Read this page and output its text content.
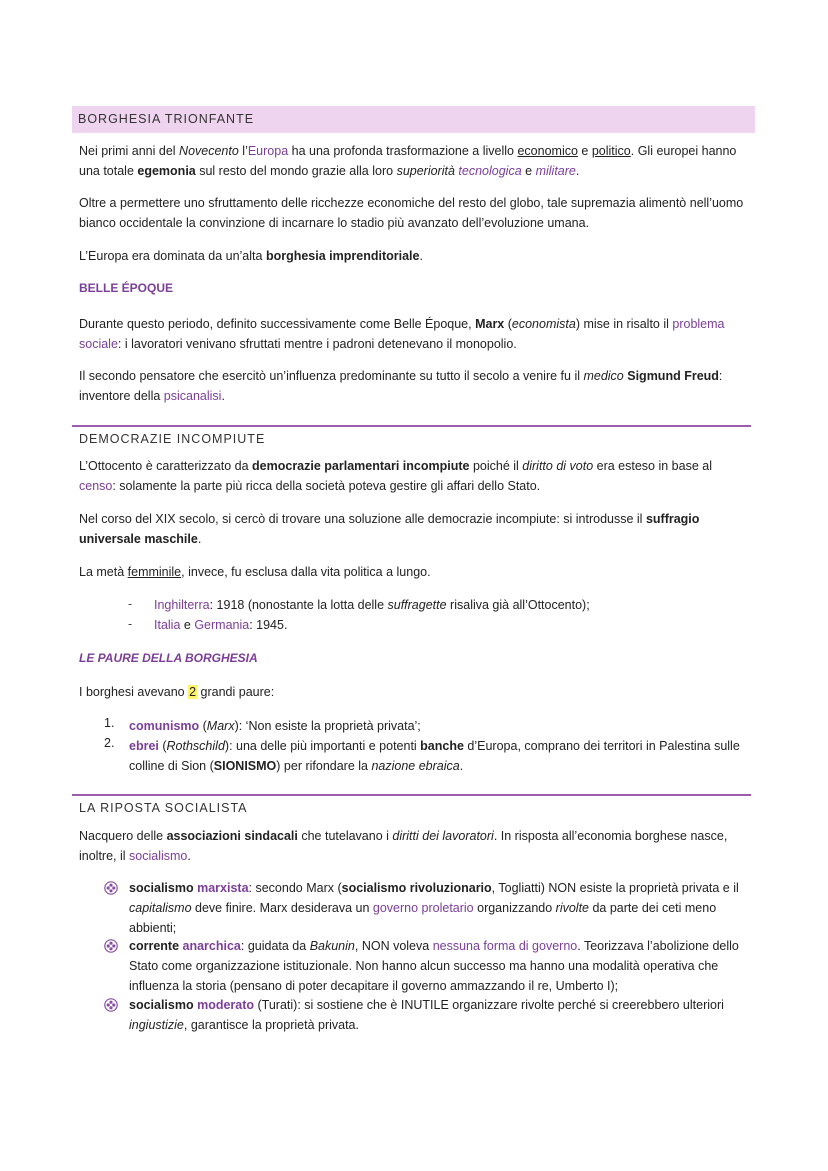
BORGHESIA TRIONFANTE

Nei primi anni del Novecento l’Europa ha una profonda trasformazione a livello economico e politico. Gli europei hanno una totale egemonia sul resto del mondo grazie alla loro superiorità tecnologica e militare.

Oltre a permettere uno sfruttamento delle ricchezze economiche del resto del globo, tale supremazia alimentò nell’uomo bianco occidentale la convinzione di incarnare lo stadio più avanzato dell’evoluzione umana.

L’Europa era dominata da un’alta borghesia imprenditoriale.

BELLE ÉPOQUE

Durante questo periodo, definito successivamente come Belle Époque, Marx (economista) mise in risalto il problema sociale: i lavoratori venivano sfruttati mentre i padroni detenevano il monopolio.

Il secondo pensatore che esercitò un’influenza predominante su tutto il secolo a venire fu il medico Sigmund Freud: inventore della psicanalisi.

DEMOCRAZIE INCOMPIUTE

L’Ottocento è caratterizzato da democrazie parlamentari incompiute poiché il diritto di voto era esteso in base al censo: solamente la parte più ricca della società poteva gestire gli affari dello Stato.

Nel corso del XIX secolo, si cercò di trovare una soluzione alle democrazie incompiute: si introdusse il suffragio universale maschile.

La metà femminile, invece, fu esclusa dalla vita politica a lungo.

- Inghilterra: 1918 (nonostante la lotta delle suffragette risaliva già all’Ottocento);
- Italia e Germania: 1945.
LE PAURE DELLA BORGHESIA

I borghesi avevano 2 grandi paure:

1. comunismo (Marx): ‘Non esiste la proprietà privata’;
2. ebrei (Rothschild): una delle più importanti e potenti banche d’Europa, comprano dei territori in Palestina sulle colline di Sion (SIONISMO) per rifondare la nazione ebraica.
LA RIPOSTA SOCIALISTA

Nacquero delle associazioni sindacali che tutelavano i diritti dei lavoratori. In risposta all’economia borghese nasce, inoltre, il socialismo.

socialismo marxista: secondo Marx (socialismo rivoluzionario, Togliatti) NON esiste la proprietà privata e il capitalismo deve finire. Marx desiderava un governo proletario organizzando rivolte da parte dei ceti meno abbienti;
corrente anarchica: guidata da Bakunin, NON voleva nessuna forma di governo. Teorizzava l’abolizione dello Stato come organizzazione istituzionale. Non hanno alcun successo ma hanno una modalità operativa che influenza la storia (pensano di poter decapitare il governo ammazzando il re, Umberto I);
socialismo moderato (Turati): si sostiene che è INUTILE organizzare rivolte perché si creerebbero ulteriori ingiustizie, garantisce la proprietà privata.
